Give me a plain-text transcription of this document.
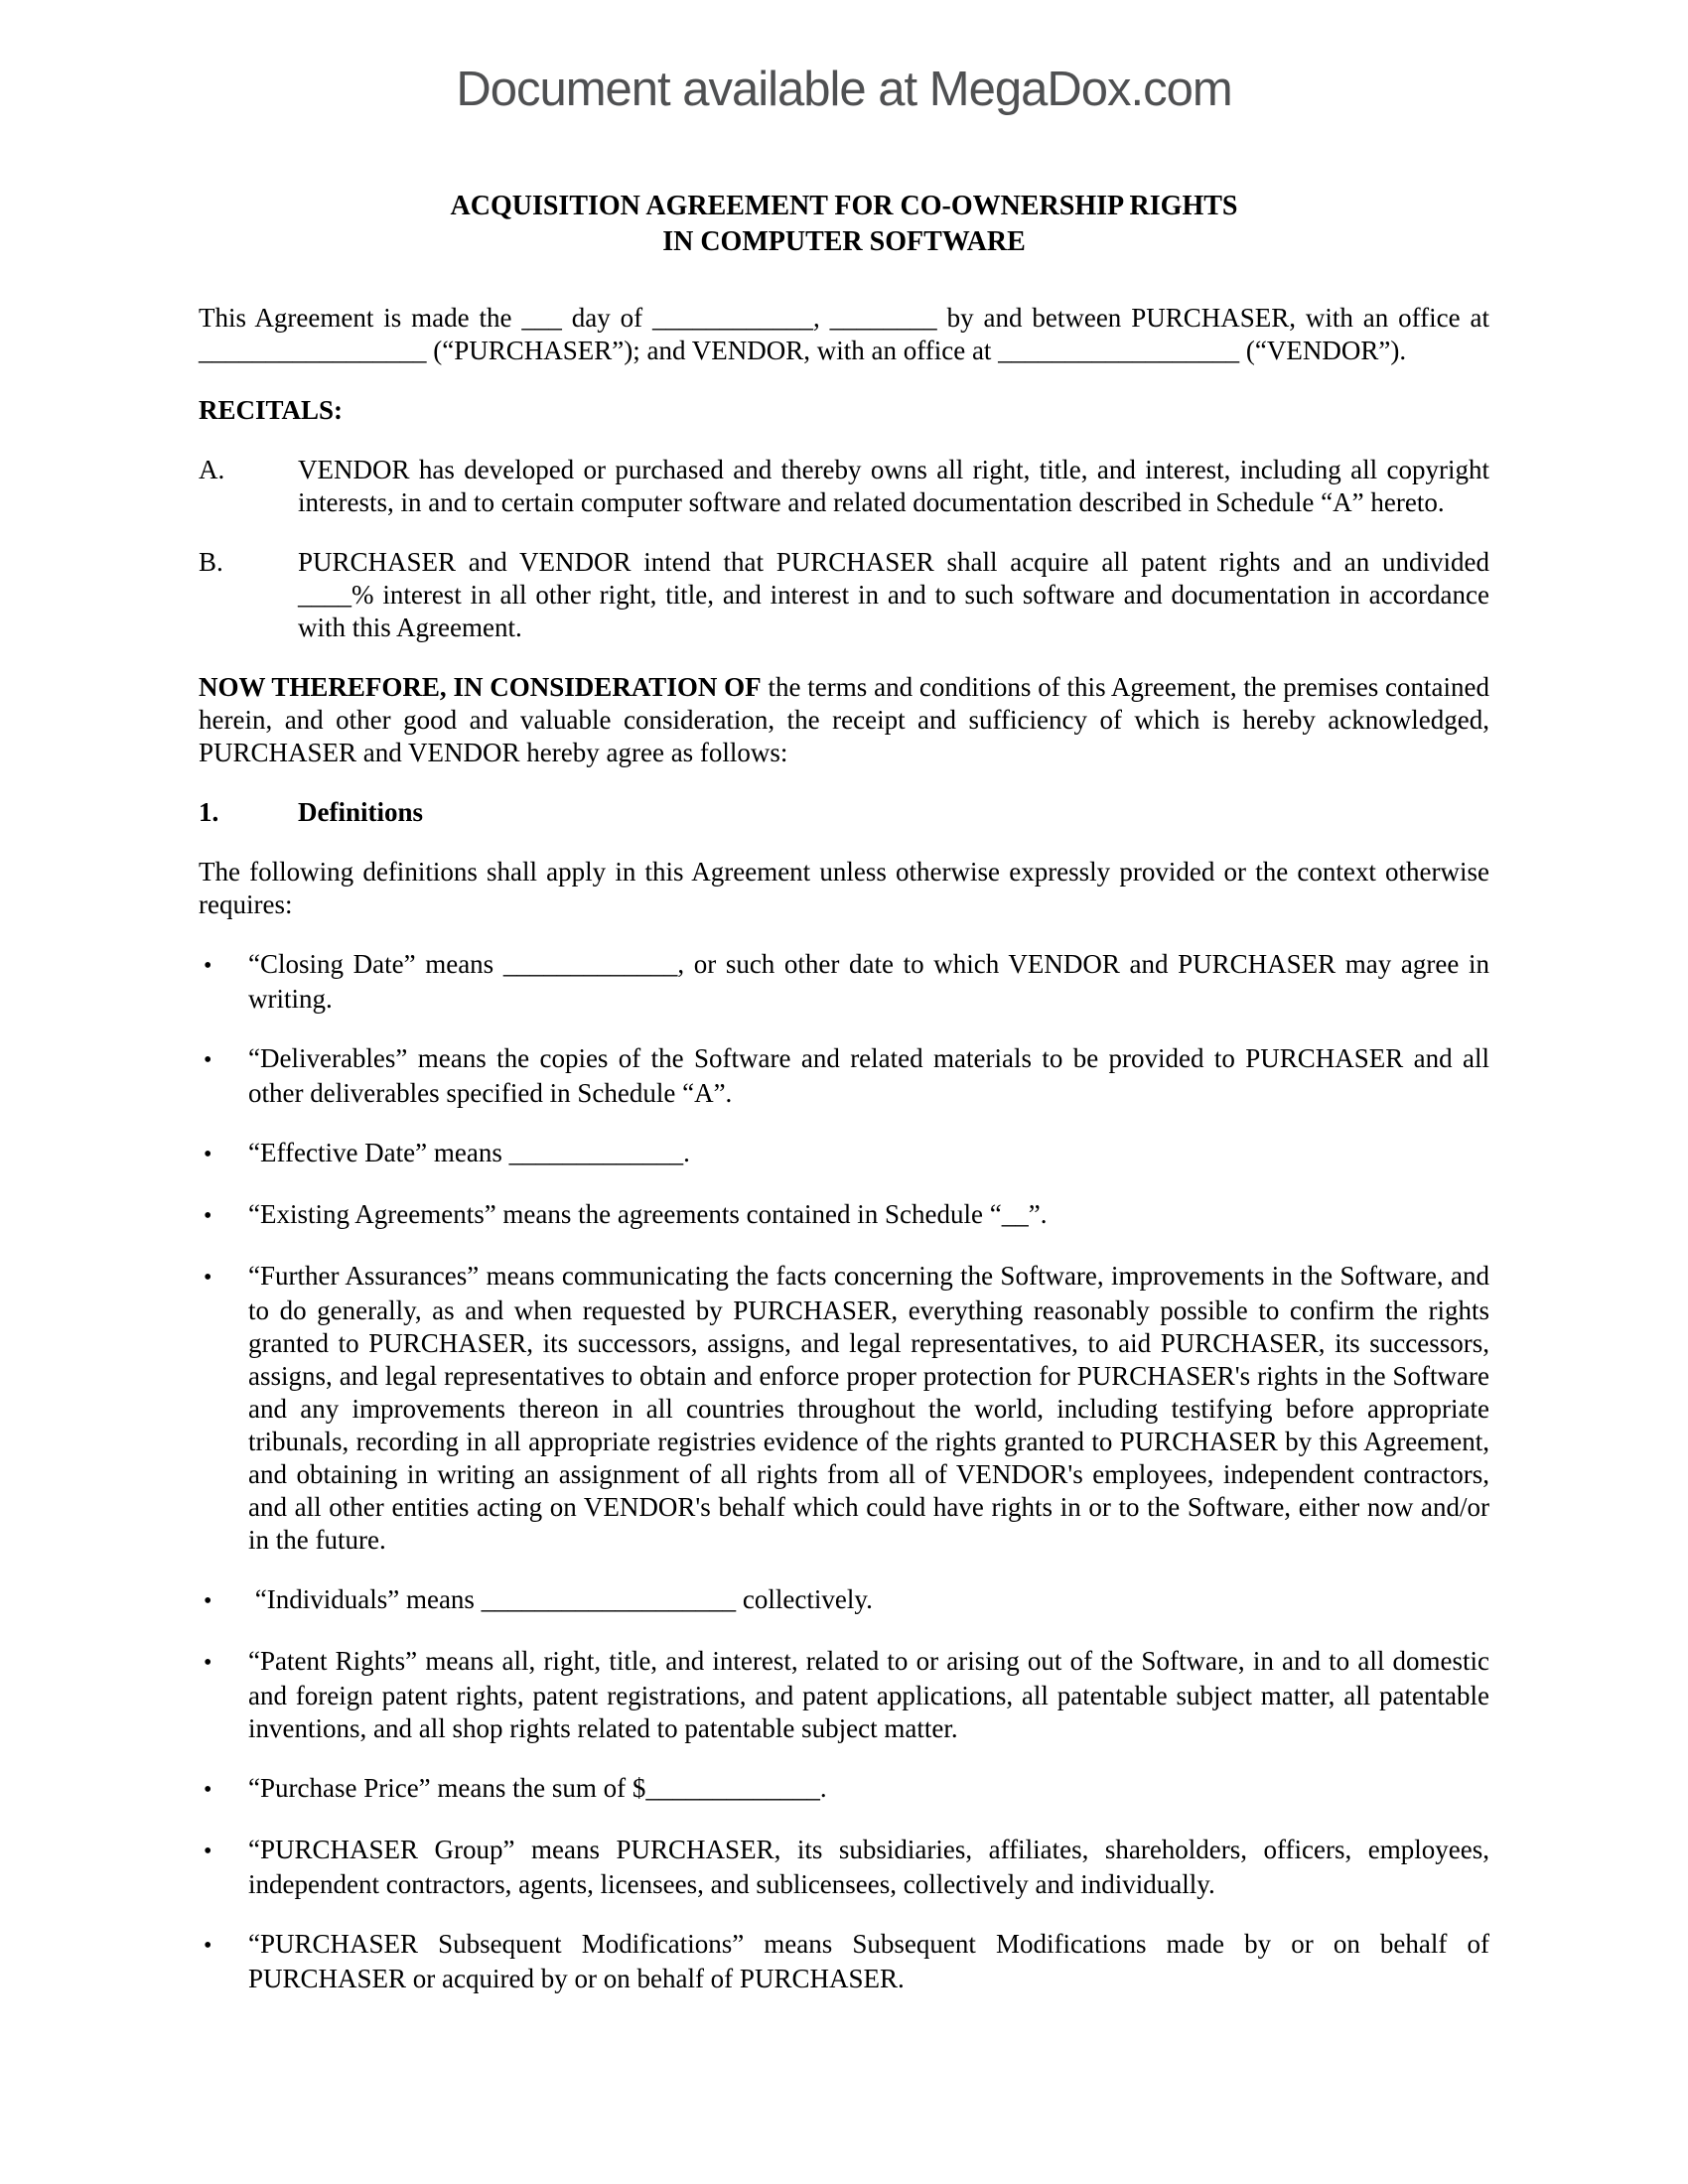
Document available at MegaDox.com
ACQUISITION AGREEMENT FOR CO-OWNERSHIP RIGHTS
IN COMPUTER SOFTWARE

This Agreement is made the ___ day of ____________, ________ by and between PURCHASER, with an office at _________________ (“PURCHASER”); and VENDOR, with an office at __________________ (“VENDOR”).

RECITALS:
A.	VENDOR has developed or purchased and thereby owns all right, title, and interest, including all copyright interests, in and to certain computer software and related documentation described in Schedule “A” hereto.
B.	PURCHASER and VENDOR intend that PURCHASER shall acquire all patent rights and an undivided ____% interest in all other right, title, and interest in and to such software and documentation in accordance with this Agreement.

NOW THEREFORE, IN CONSIDERATION OF the terms and conditions of this Agreement, the premises contained herein, and other good and valuable consideration, the receipt and sufficiency of which is hereby acknowledged, PURCHASER and VENDOR hereby agree as follows:

1.	Definitions

The following definitions shall apply in this Agreement unless otherwise expressly provided or the context otherwise requires:

• “Closing Date” means _____________, or such other date to which VENDOR and PURCHASER may agree in writing.
• “Deliverables” means the copies of the Software and related materials to be provided to PURCHASER and all other deliverables specified in Schedule “A”.
• “Effective Date” means _____________.
• “Existing Agreements” means the agreements contained in Schedule “__”.
• “Further Assurances” means communicating the facts concerning the Software, improvements in the Software, and to do generally, as and when requested by PURCHASER, everything reasonably possible to confirm the rights granted to PURCHASER, its successors, assigns, and legal representatives, to aid PURCHASER, its successors, assigns, and legal representatives to obtain and enforce proper protection for PURCHASER's rights in the Software and any improvements thereon in all countries throughout the world, including testifying before appropriate tribunals, recording in all appropriate registries evidence of the rights granted to PURCHASER by this Agreement, and obtaining in writing an assignment of all rights from all of VENDOR's employees, independent contractors, and all other entities acting on VENDOR's behalf which could have rights in or to the Software, either now and/or in the future.
• “Individuals” means ___________________ collectively.
• “Patent Rights” means all, right, title, and interest, related to or arising out of the Software, in and to all domestic and foreign patent rights, patent registrations, and patent applications, all patentable subject matter, all patentable inventions, and all shop rights related to patentable subject matter.
• “Purchase Price” means the sum of $_____________.
• “PURCHASER Group” means PURCHASER, its subsidiaries, affiliates, shareholders, officers, employees, independent contractors, agents, licensees, and sublicensees, collectively and individually.
• “PURCHASER Subsequent Modifications” means Subsequent Modifications made by or on behalf of PURCHASER or acquired by or on behalf of PURCHASER.
